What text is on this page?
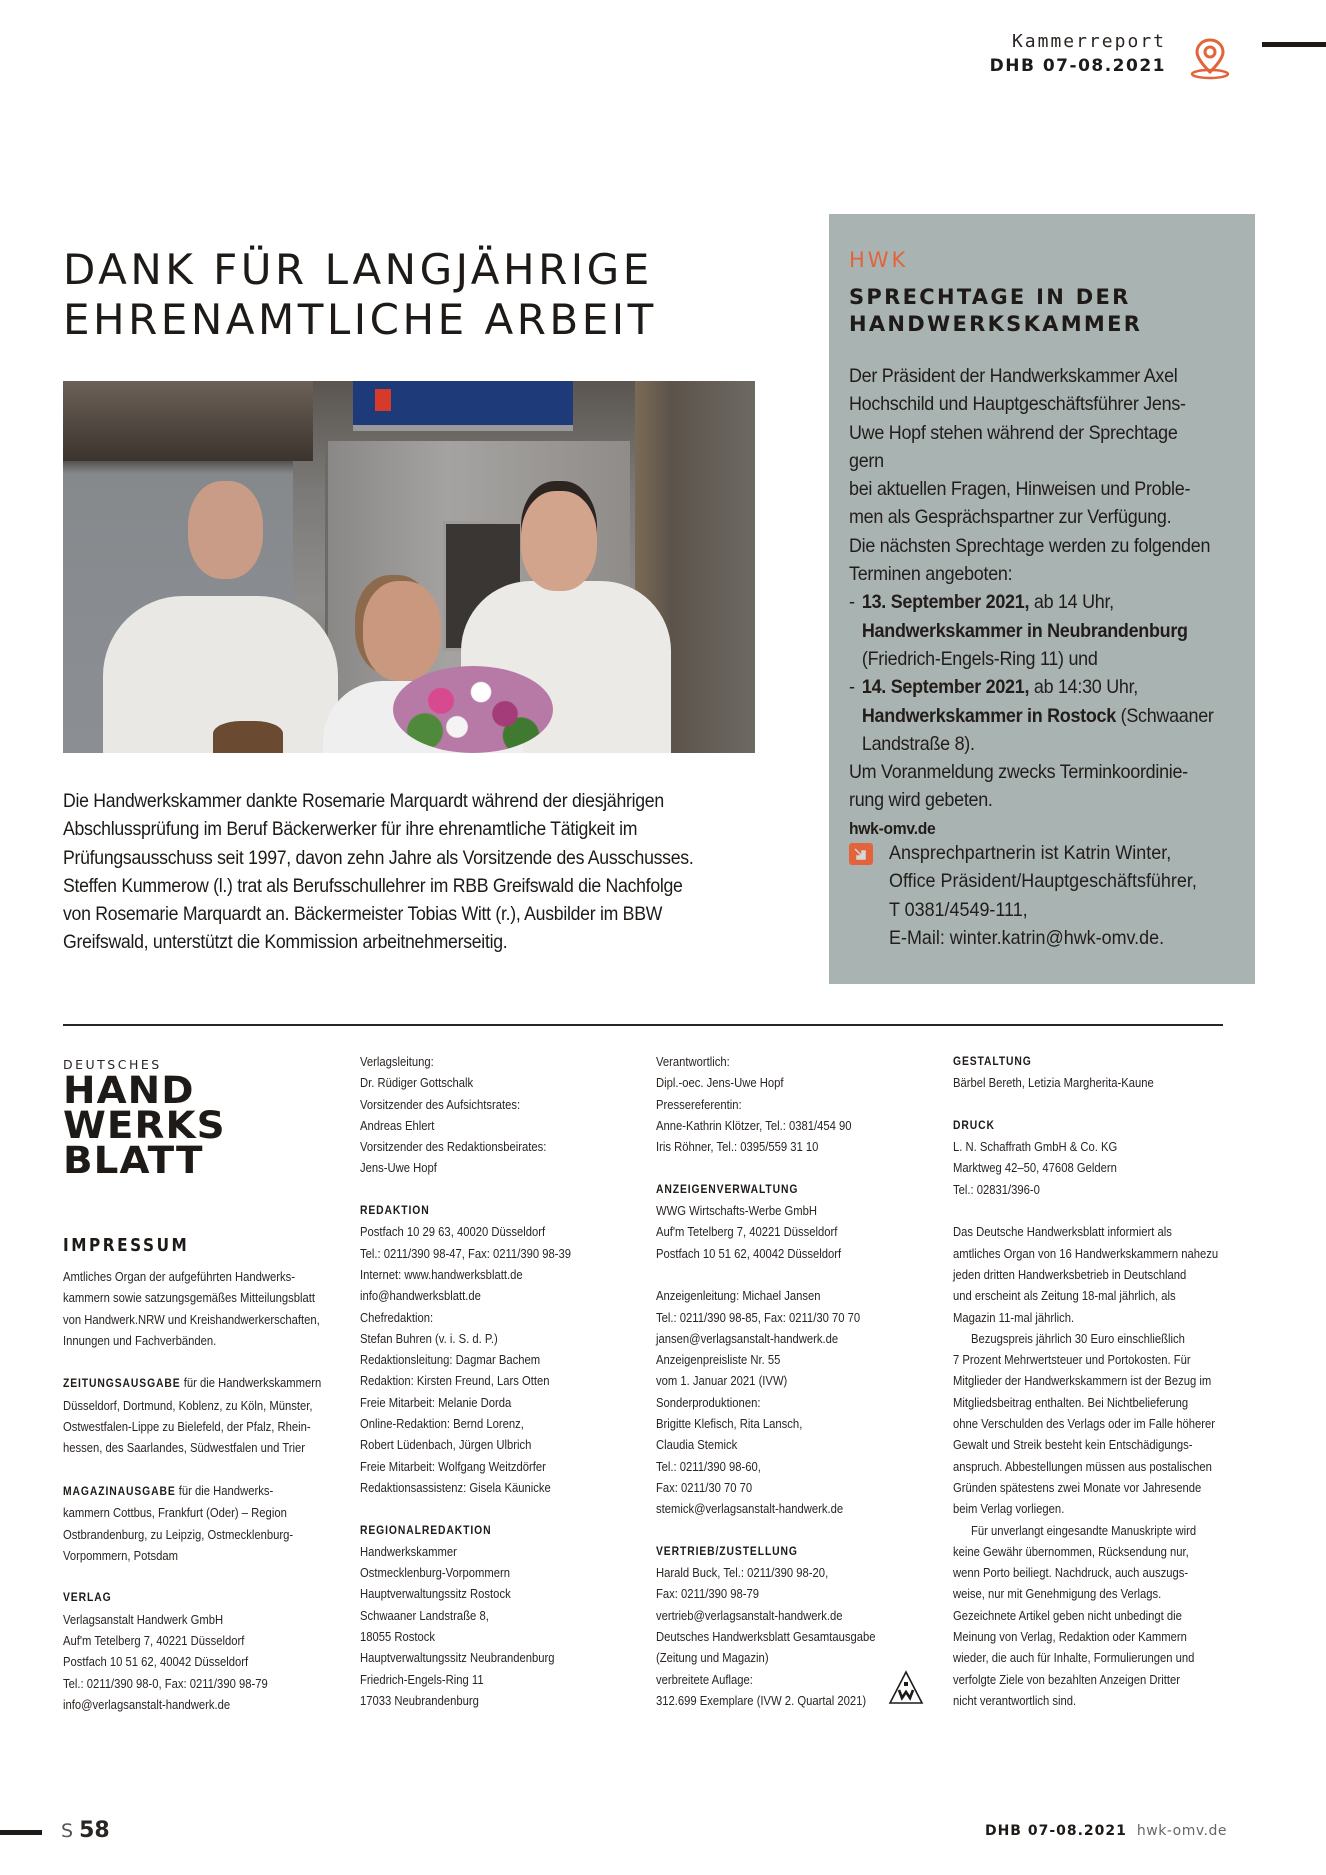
Kammerreport
DHB 07-08.2021
DANK FÜR LANGJÄHRIGE
EHRENAMTLICHE ARBEIT
Die Handwerkskammer dankte Rosemarie Marquardt während der diesjährigen
Abschlussprüfung im Beruf Bäckerwerker für ihre ehrenamtliche Tätigkeit im
Prüfungsausschuss seit 1997, davon zehn Jahre als Vorsitzende des Ausschusses.
Steffen Kummerow (l.) trat als Berufsschullehrer im RBB Greifswald die Nachfolge
von Rosemarie Marquardt an. Bäckermeister Tobias Witt (r.), Ausbilder im BBW
Greifswald, unterstützt die Kommission arbeitnehmerseitig.
HWK
SPRECHTAGE IN DER
HANDWERKSKAMMER
Der Präsident der Handwerkskammer Axel
Hochschild und Hauptgeschäftsführer Jens-
Uwe Hopf stehen während der Sprechtage gern
bei aktuellen Fragen, Hinweisen und Proble-
men als Gesprächspartner zur Verfügung.
Die nächsten Sprechtage werden zu folgenden
Terminen angeboten:
- 13. September 2021, ab 14 Uhr,
Handwerkskammer in Neubrandenburg
(Friedrich-Engels-Ring 11) und
- 14. September 2021, ab 14:30 Uhr,
Handwerkskammer in Rostock (Schwaaner
Landstraße 8).
Um Voranmeldung zwecks Terminkoordinie-
rung wird gebeten.
hwk-omv.de
Ansprechpartnerin ist Katrin Winter,
Office Präsident/Hauptgeschäftsführer,
T 0381/4549-111,
E-Mail: winter.katrin@hwk-omv.de.
DEUTSCHES
HAND
WERKS
BLATT
IMPRESSUM
Amtliches Organ der aufgeführten Handwerks-
kammern sowie satzungsgemäßes Mitteilungsblatt
von Handwerk.NRW und Kreishandwerkerschaften,
Innungen und Fachverbänden.
ZEITUNGSAUSGABE für die Handwerkskammern
Düsseldorf, Dortmund, Koblenz, zu Köln, Münster,
Ostwestfalen-Lippe zu Bielefeld, der Pfalz, Rhein-
hessen, des Saarlandes, Südwestfalen und Trier
MAGAZINAUSGABE für die Handwerks-
kammern Cottbus, Frankfurt (Oder) – Region
Ostbrandenburg, zu Leipzig, Ostmecklenburg-
Vorpommern, Potsdam
VERLAG
Verlagsanstalt Handwerk GmbH
Auf'm Tetelberg 7, 40221 Düsseldorf
Postfach 10 51 62, 40042 Düsseldorf
Tel.: 0211/390 98-0, Fax: 0211/390 98-79
info@verlagsanstalt-handwerk.de
Verlagsleitung:
Dr. Rüdiger Gottschalk
Vorsitzender des Aufsichtsrates:
Andreas Ehlert
Vorsitzender des Redaktionsbeirates:
Jens-Uwe Hopf
REDAKTION
Postfach 10 29 63, 40020 Düsseldorf
Tel.: 0211/390 98-47, Fax: 0211/390 98-39
Internet: www.handwerksblatt.de
info@handwerksblatt.de
Chefredaktion:
Stefan Buhren (v. i. S. d. P.)
Redaktionsleitung: Dagmar Bachem
Redaktion: Kirsten Freund, Lars Otten
Freie Mitarbeit: Melanie Dorda
Online-Redaktion: Bernd Lorenz,
Robert Lüdenbach, Jürgen Ulbrich
Freie Mitarbeit: Wolfgang Weitzdörfer
Redaktionsassistenz: Gisela Käunicke
REGIONALREDAKTION
Handwerkskammer
Ostmecklenburg-Vorpommern
Hauptverwaltungssitz Rostock
Schwaaner Landstraße 8,
18055 Rostock
Hauptverwaltungssitz Neubrandenburg
Friedrich-Engels-Ring 11
17033 Neubrandenburg
Verantwortlich:
Dipl.-oec. Jens-Uwe Hopf
Pressereferentin:
Anne-Kathrin Klötzer, Tel.: 0381/454 90
Iris Röhner, Tel.: 0395/559 31 10
ANZEIGENVERWALTUNG
WWG Wirtschafts-Werbe GmbH
Auf'm Tetelberg 7, 40221 Düsseldorf
Postfach 10 51 62, 40042 Düsseldorf
Anzeigenleitung: Michael Jansen
Tel.: 0211/390 98-85, Fax: 0211/30 70 70
jansen@verlagsanstalt-handwerk.de
Anzeigenpreisliste Nr. 55
vom 1. Januar 2021 (IVW)
Sonderproduktionen:
Brigitte Klefisch, Rita Lansch,
Claudia Stemick
Tel.: 0211/390 98-60,
Fax: 0211/30 70 70
stemick@verlagsanstalt-handwerk.de
VERTRIEB/ZUSTELLUNG
Harald Buck, Tel.: 0211/390 98-20,
Fax: 0211/390 98-79
vertrieb@verlagsanstalt-handwerk.de
Deutsches Handwerksblatt Gesamtausgabe
(Zeitung und Magazin)
verbreitete Auflage:
312.699 Exemplare (IVW 2. Quartal 2021)
GESTALTUNG
Bärbel Bereth, Letizia Margherita-Kaune
DRUCK
L. N. Schaffrath GmbH & Co. KG
Marktweg 42–50, 47608 Geldern
Tel.: 02831/396-0
Das Deutsche Handwerksblatt informiert als
amtliches Organ von 16 Handwerkskammern nahezu
jeden dritten Handwerksbetrieb in Deutschland
und erscheint als Zeitung 18-mal jährlich, als
Magazin 11-mal jährlich.
Bezugspreis jährlich 30 Euro einschließlich
7 Prozent Mehrwertsteuer und Portokosten. Für
Mitglieder der Handwerkskammern ist der Bezug im
Mitgliedsbeitrag enthalten. Bei Nichtbelieferung
ohne Verschulden des Verlags oder im Falle höherer
Gewalt und Streik besteht kein Entschädigungs-
anspruch. Abbestellungen müssen aus postalischen
Gründen spätestens zwei Monate vor Jahresende
beim Verlag vorliegen.
Für unverlangt eingesandte Manuskripte wird
keine Gewähr übernommen, Rücksendung nur,
wenn Porto beiliegt. Nachdruck, auch auszugs-
weise, nur mit Genehmigung des Verlags.
Gezeichnete Artikel geben nicht unbedingt die
Meinung von Verlag, Redaktion oder Kammern
wieder, die auch für Inhalte, Formulierungen und
verfolgte Ziele von bezahlten Anzeigen Dritter
nicht verantwortlich sind.
S 58	DHB 07-08.2021 hwk-omv.de
